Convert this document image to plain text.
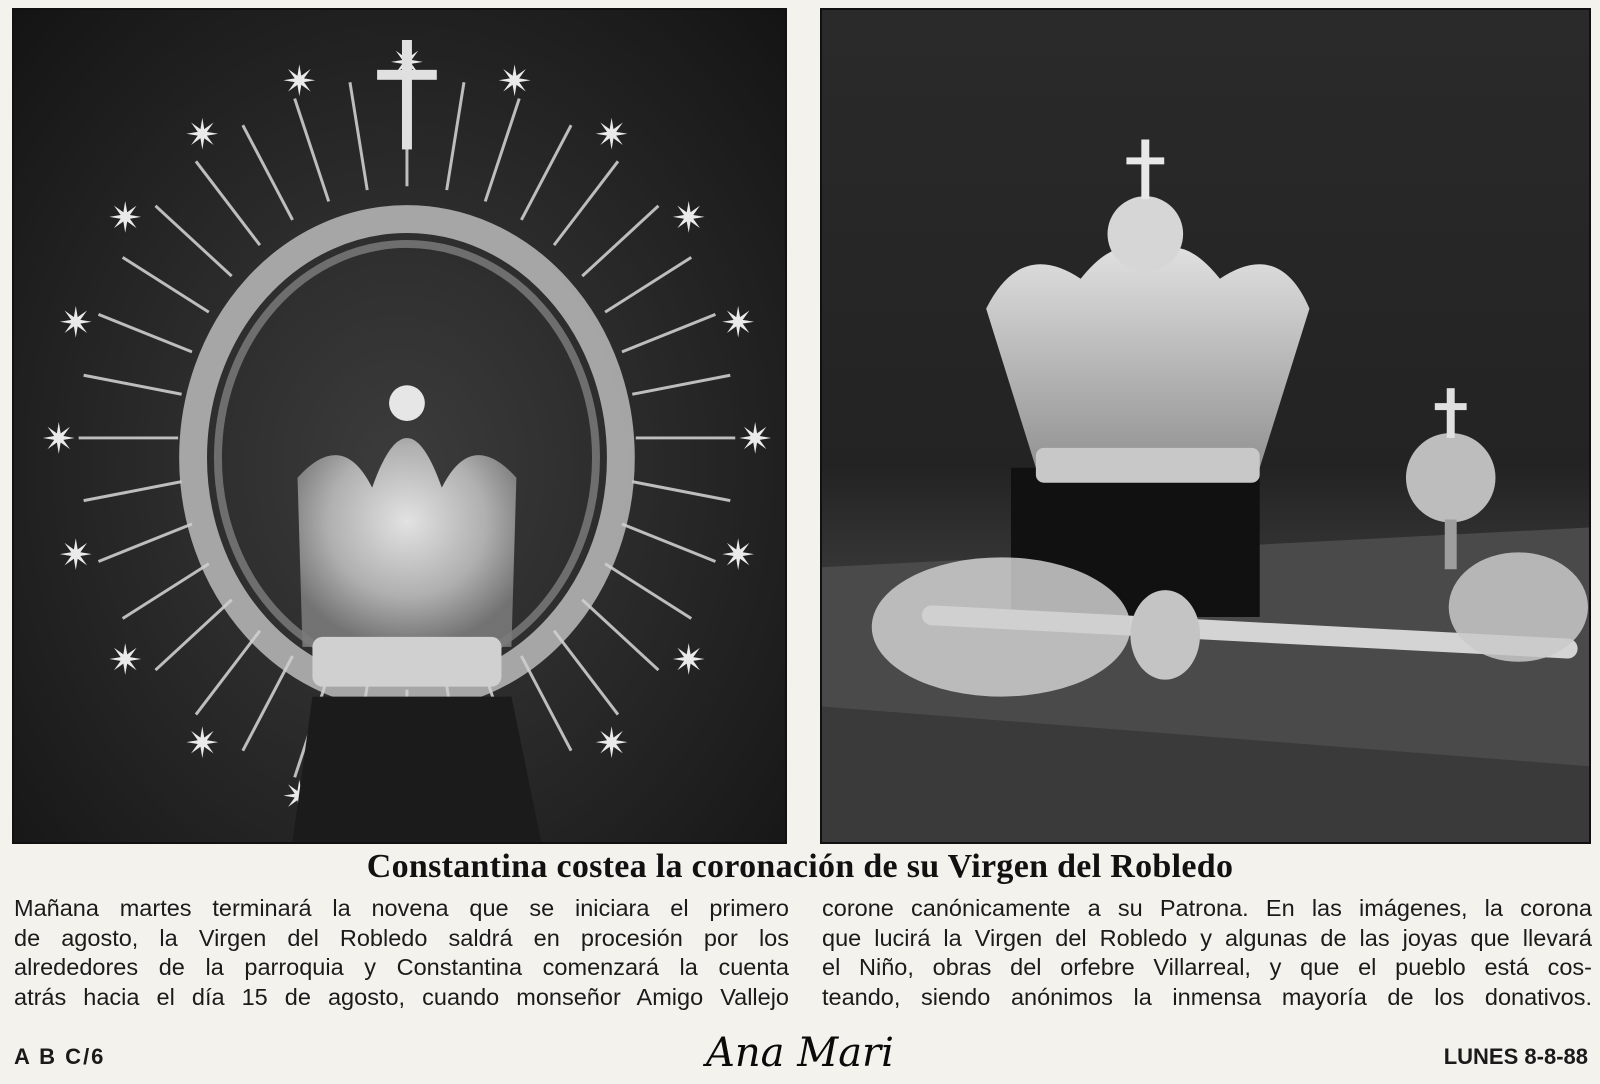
Constantina costea la coronación de su Virgen del Robledo
Mañana martes terminará la novena que se iniciara el primero
de agosto, la Virgen del Robledo saldrá en procesión por los
alrededores de la parroquia y Constantina comenzará la cuenta
atrás hacia el día 15 de agosto, cuando monseñor Amigo Vallejo
corone canónicamente a su Patrona. En las imágenes, la corona
que lucirá la Virgen del Robledo y algunas de las joyas que llevará
el Niño, obras del orfebre Villarreal, y que el pueblo está cos-
teando, siendo anónimos la inmensa mayoría de los donativos.
A B C/6	Ana Mari	LUNES 8-8-88
